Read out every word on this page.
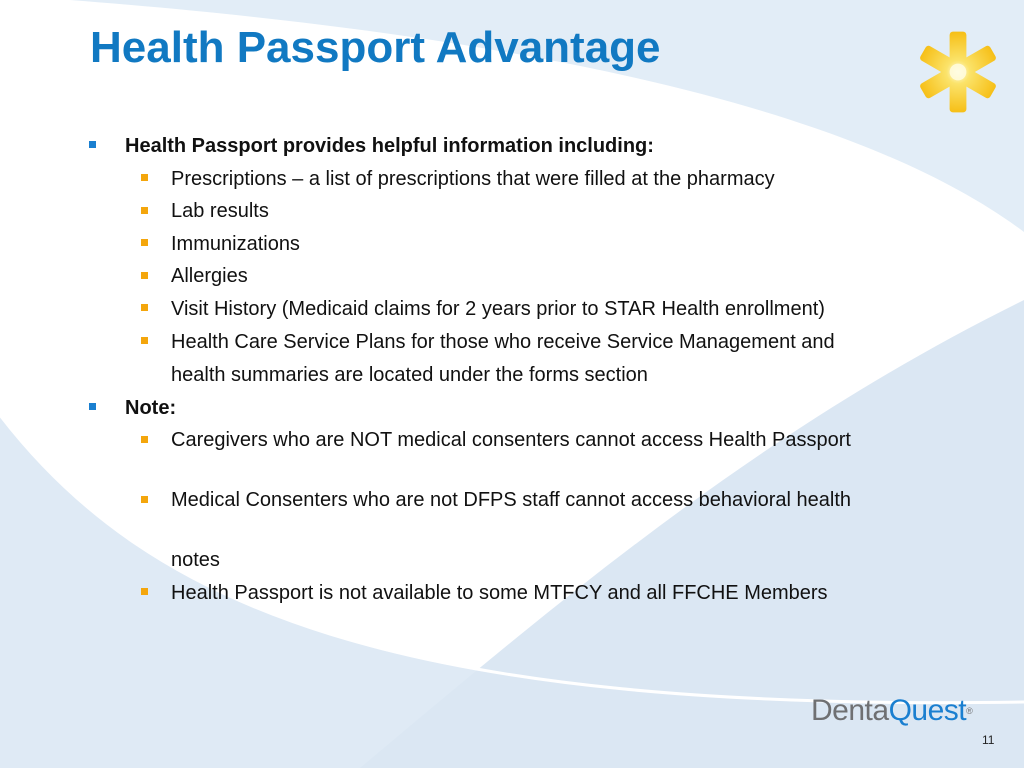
Health Passport Advantage
Health Passport provides helpful information including:
Prescriptions – a list of prescriptions that were filled at the pharmacy
Lab results
Immunizations
Allergies
Visit History (Medicaid claims for 2 years prior to STAR Health enrollment)
Health Care Service Plans for those who receive Service Management and
health summaries are located under the forms section
Note:
Caregivers who are NOT medical consenters cannot access Health Passport
Medical Consenters who are not DFPS staff cannot access behavioral health
notes
Health Passport is not available to some MTFCY and all FFCHE Members
DentaQuest®
11
